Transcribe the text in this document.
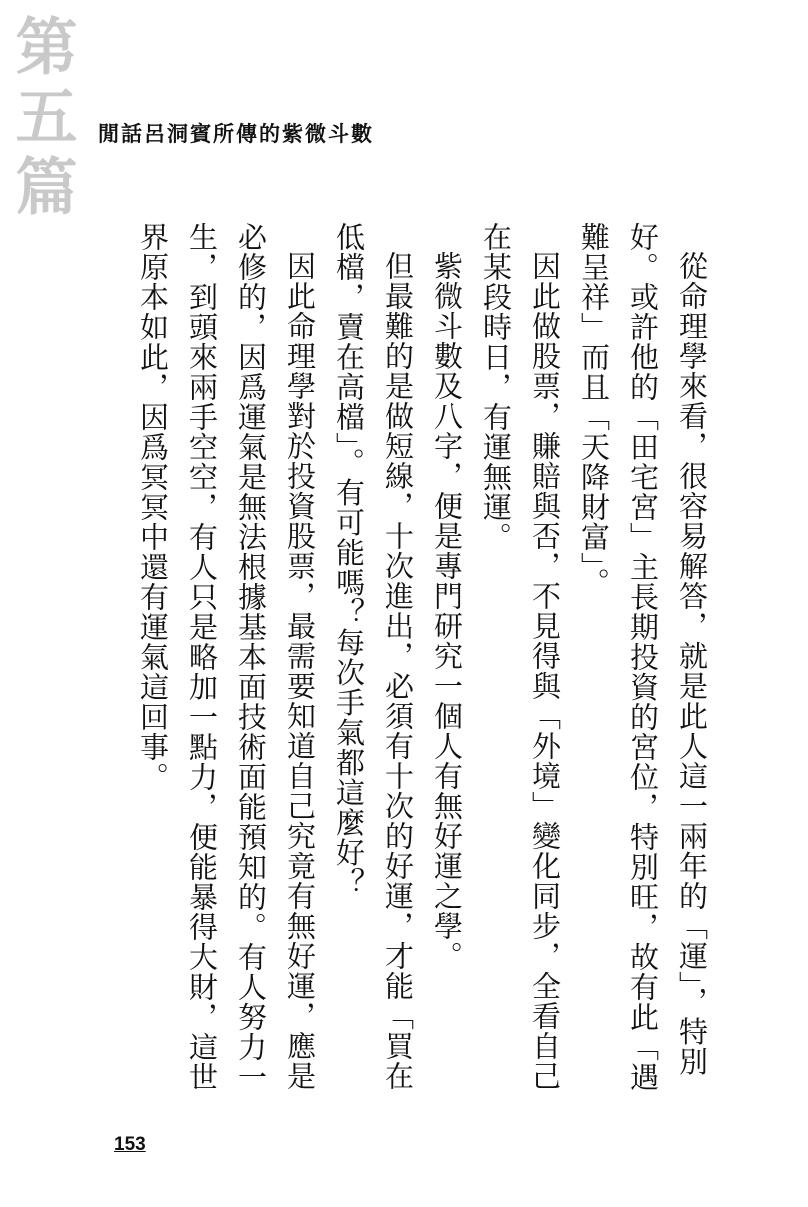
第五篇 閒話呂洞賓所傳的紫微斗數

從命理學來看，很容易解答，就是此人這一兩年的「運」，特別好。或許他的「田宅宮」主長期投資的宮位，特別旺，故有此「遇難呈祥」而且「天降財富」。

因此做股票，賺賠與否，不見得與「外境」變化同步，全看自己在某段時日，有運無運。

紫微斗數及八字，便是專門研究一個人有無好運之學。

但最難的是做短線，十次進出，必須有十次的好運，才能「買在低檔，賣在高檔」。有可能嗎？每次手氣都這麼好？

因此命理學對於投資股票，最需要知道自己究竟有無好運，應是必修的，因爲運氣是無法根據基本面技術面能預知的。有人努力一生，到頭來兩手空空，有人只是略加一點力，便能暴得大財，這世界原本如此，因爲冥冥中還有運氣這回事。

153
